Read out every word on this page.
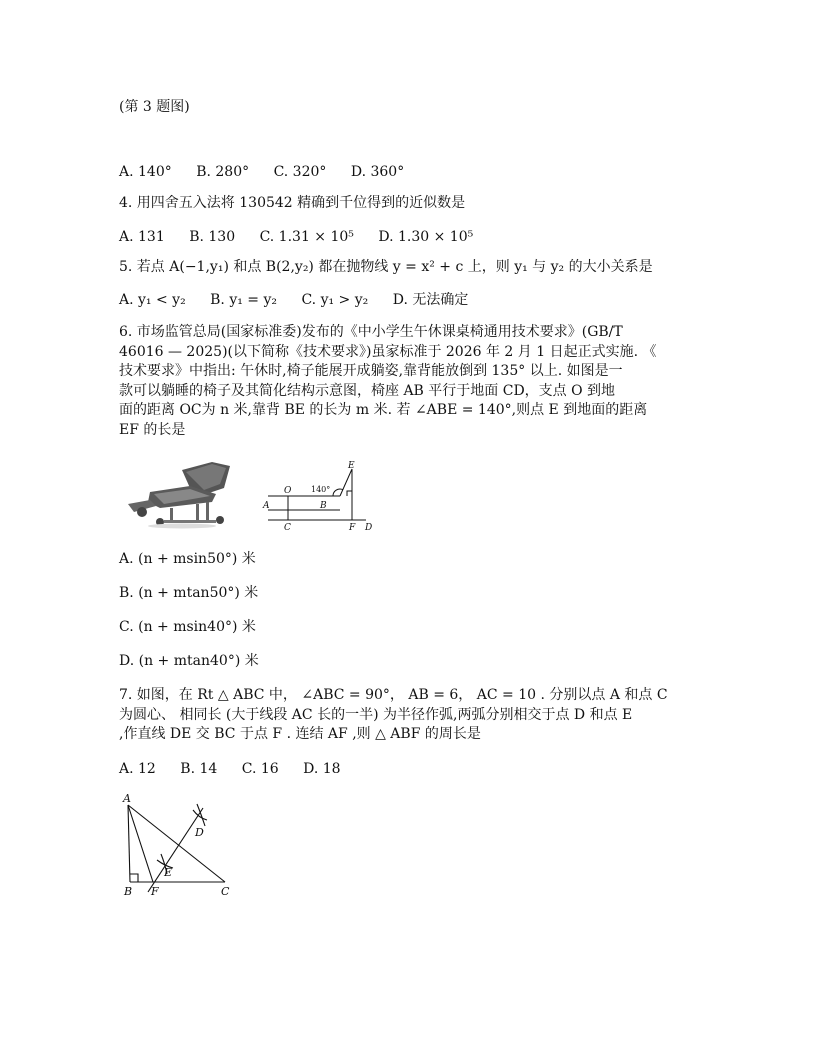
(第 3 题图)
A. 140° B. 280° C. 320° D. 360°
4. 用四舍五入法将 130542 精确到千位得到的近似数是
A. 131 B. 130 C. 1.31 × 10⁵ D. 1.30 × 10⁵
5. 若点 A(−1,y₁) 和点 B(2,y₂) 都在抛物线 y = x² + c 上，则 y₁ 与 y₂ 的大小关系是
A. y₁ < y₂ B. y₁ = y₂ C. y₁ > y₂ D. 无法确定
6. 市场监管总局(国家标准委)发布的《中小学生午休课桌椅通用技术要求》(GB/T
46016 — 2025)(以下简称《技术要求》)虽家标准于 2026 年 2 月 1 日起正式实施. 《
技术要求》中指出: 午休时,椅子能展开成躺姿,靠背能放倒到 135° 以上. 如图是一
款可以躺睡的椅子及其简化结构示意图，椅座 AB 平行于地面 CD，支点 O 到地
面的距离 OC为 n 米,靠背 BE 的长为 m 米. 若 ∠ABE = 140°,则点 E 到地面的距离
EF 的长是
E
O
A	B
C	F D
140°
A. (n + msin50°) 米
B. (n + mtan50°) 米
C. (n + msin40°) 米
D. (n + mtan40°) 米
7. 如图，在 Rt △ ABC 中， ∠ABC = 90°， AB = 6， AC = 10 . 分别以点 A 和点 C
为圆心、 相同长 (大于线段 AC 长的一半) 为半径作弧,两弧分别相交于点 D 和点 E
,作直线 DE 交 BC 于点 F . 连结 AF ,则 △ ABF 的周长是
A. 12 B. 14 C. 16 D. 18
A
D
E
B F	C
